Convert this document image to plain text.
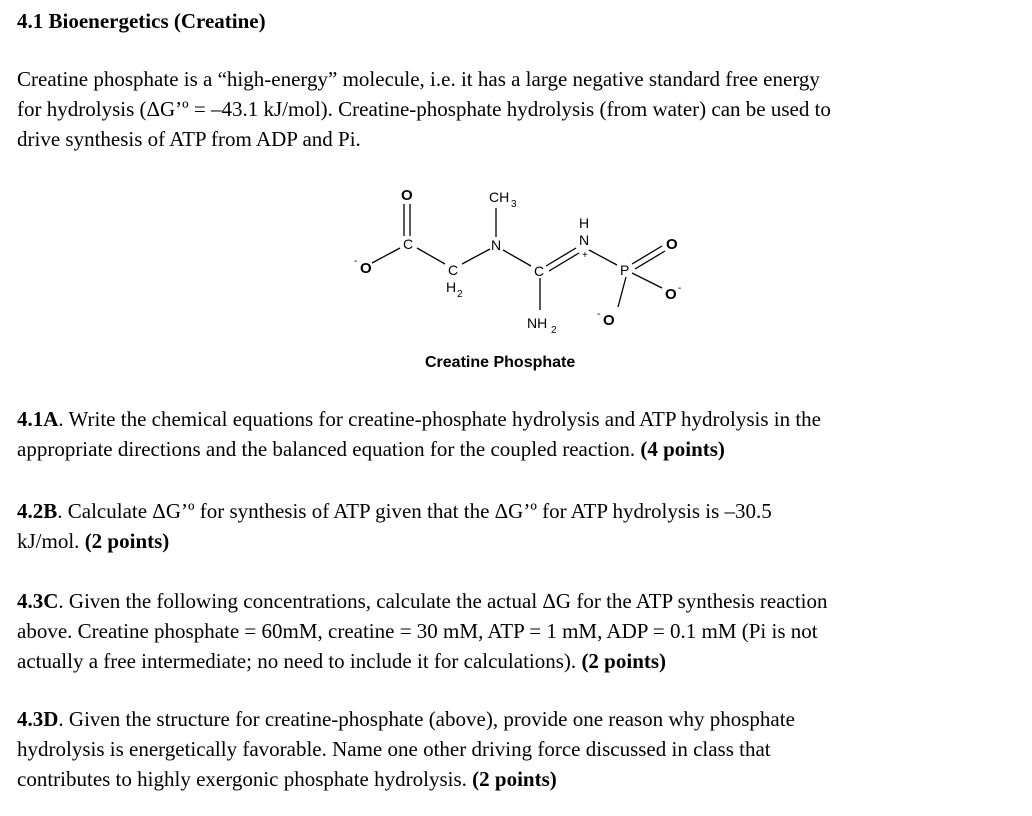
4.1 Bioenergetics (Creatine)

Creatine phosphate is a “high-energy” molecule, i.e. it has a large negative standard free energy
for hydrolysis (ΔG’º = –43.1 kJ/mol). Creatine-phosphate hydrolysis (from water) can be used to
drive synthesis of ATP from ADP and Pi.

- O
O
C
C
H 2
CH 3
N
C
NH 2
H
N
+
P
O
O -
- O
Creatine Phosphate

4.1A. Write the chemical equations for creatine-phosphate hydrolysis and ATP hydrolysis in the
appropriate directions and the balanced equation for the coupled reaction. (4 points)

4.2B. Calculate ΔG’º for synthesis of ATP given that the ΔG’º for ATP hydrolysis is –30.5
kJ/mol. (2 points)

4.3C. Given the following concentrations, calculate the actual ΔG for the ATP synthesis reaction
above. Creatine phosphate = 60mM, creatine = 30 mM, ATP = 1 mM, ADP = 0.1 mM (Pi is not
actually a free intermediate; no need to include it for calculations). (2 points)

4.3D. Given the structure for creatine-phosphate (above), provide one reason why phosphate
hydrolysis is energetically favorable. Name one other driving force discussed in class that
contributes to highly exergonic phosphate hydrolysis. (2 points)
